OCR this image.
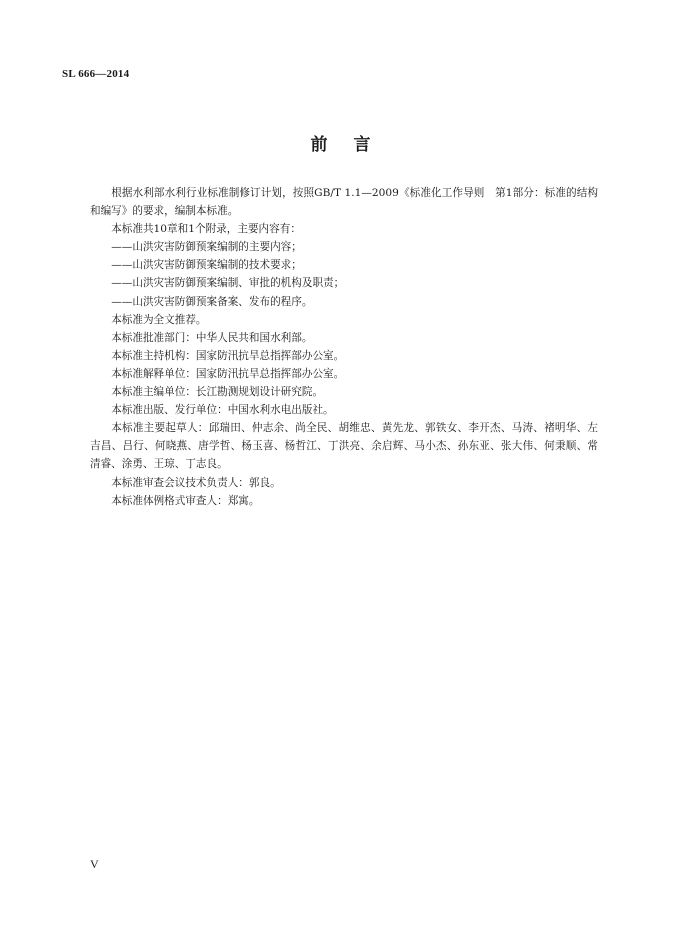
SL 666—2014
前言

根据水利部水利行业标准制修订计划，按照GB/T 1.1—2009《标准化工作导则　第1部分：标准的结构和编写》的要求，编制本标准。

本标准共10章和1个附录，主要内容有：

——山洪灾害防御预案编制的主要内容；

——山洪灾害防御预案编制的技术要求；

——山洪灾害防御预案编制、审批的机构及职责；

——山洪灾害防御预案备案、发布的程序。

本标准为全文推荐。

本标准批准部门：中华人民共和国水利部。

本标准主持机构：国家防汛抗旱总指挥部办公室。

本标准解释单位：国家防汛抗旱总指挥部办公室。

本标准主编单位：长江勘测规划设计研究院。

本标准出版、发行单位：中国水利水电出版社。

本标准主要起草人：邱瑞田、仲志余、尚全民、胡维忠、黄先龙、郭铁女、李开杰、马涛、褚明华、左吉昌、吕行、何晓燕、唐学哲、杨玉喜、杨哲江、丁洪亮、余启辉、马小杰、孙东亚、张大伟、何秉顺、常清睿、涂勇、王琼、丁志良。

本标准审查会议技术负责人：郭良。

本标准体例格式审查人：郑寓。

V
